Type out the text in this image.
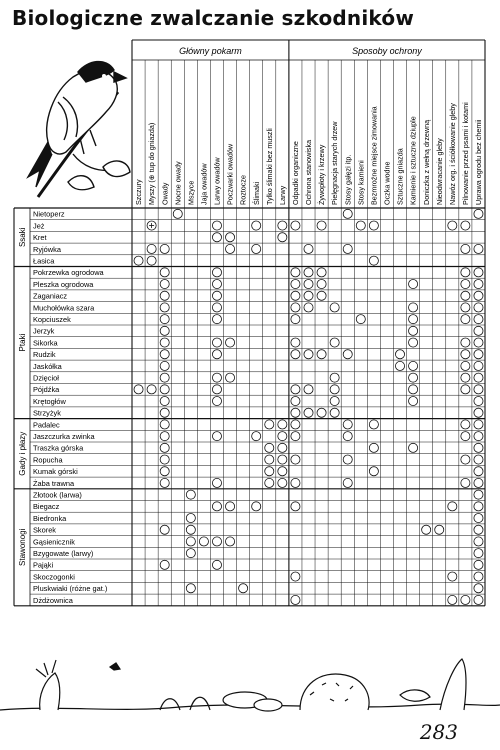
Biologiczne zwalczanie szkodników
Główny pokarm	Sposoby ochrony
Szczury Myszy (⊕ tup do gniazda) Owady Nocne owady Mszyce Jaja owadów Larwy owadów Poczwarki owadów Roztocze Ślimaki Tylko ślimaki bez muszli Larwy Odpadki organiczne Ochrona stanowiska Żywopłoty i krzewy Pielęgnacja starych drzew Stosy gałęzi itp. Stosy kamieni Bezmroźne miejsce zimowania Oczka wodne Sztuczne gniazda Kamienie i sztuczne dziuple Doniczka z wełną drzewną Nieodwracanie gleby Nawóz org. i ściółkowanie gleby Pilnowanie przed psami i kotami Uprawa ogrodu bez chemii
Nietoperz
Jeż
Kret
Ryjówka
Łasica
Ssaki
Pokrzewka ogrodowa
Pleszka ogrodowa
Zaganiacz
Muchołówka szara
Kopciuszek
Jerzyk
Sikorka
Rudzik
Jaskółka
Dzięcioł
Pójdźka
Krętogłów
Strzyżyk
Ptaki
Padalec
Jaszczurka zwinka
Traszka górska
Ropucha
Kumak górski
Żaba trawna
Gady i płazy
Złotook (larwa)
Biegacz
Biedronka
Skorek
Gąsienicznik
Bzygowate (larwy)
Pająki
Skoczogonki
Pluskwiaki (różne gat.)
Dżdżownica
Stawonogi
283
